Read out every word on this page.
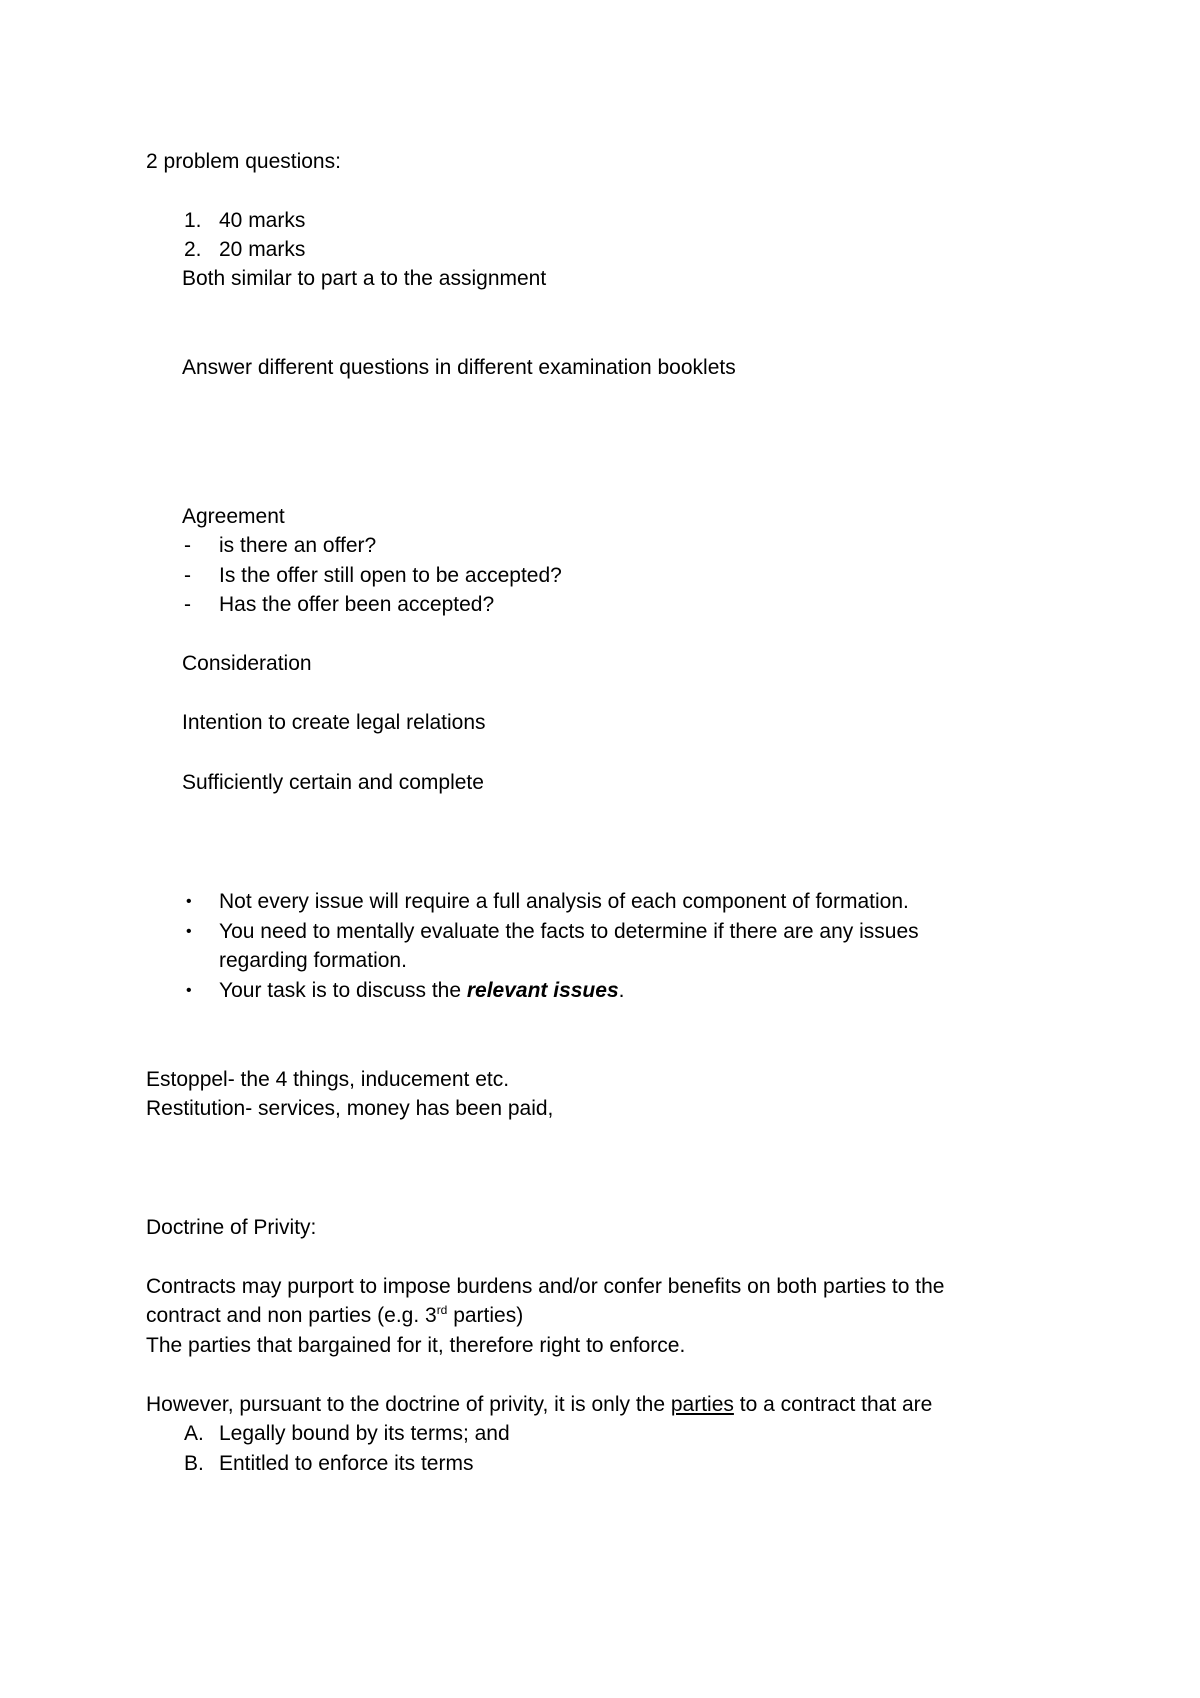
2 problem questions:
1. 40 marks
2. 20 marks
Both similar to part a to the assignment
Answer different questions in different examination booklets
Agreement
- is there an offer?
- Is the offer still open to be accepted?
- Has the offer been accepted?
Consideration
Intention to create legal relations
Sufficiently certain and complete
• Not every issue will require a full analysis of each component of formation.
• You need to mentally evaluate the facts to determine if there are any issues
regarding formation.
• Your task is to discuss the relevant issues.
Estoppel- the 4 things, inducement etc.
Restitution- services, money has been paid,
Doctrine of Privity:
Contracts may purport to impose burdens and/or confer benefits on both parties to the
contract and non parties (e.g. 3rd parties)
The parties that bargained for it, therefore right to enforce.
However, pursuant to the doctrine of privity, it is only the parties to a contract that are
A. Legally bound by its terms; and
B. Entitled to enforce its terms
